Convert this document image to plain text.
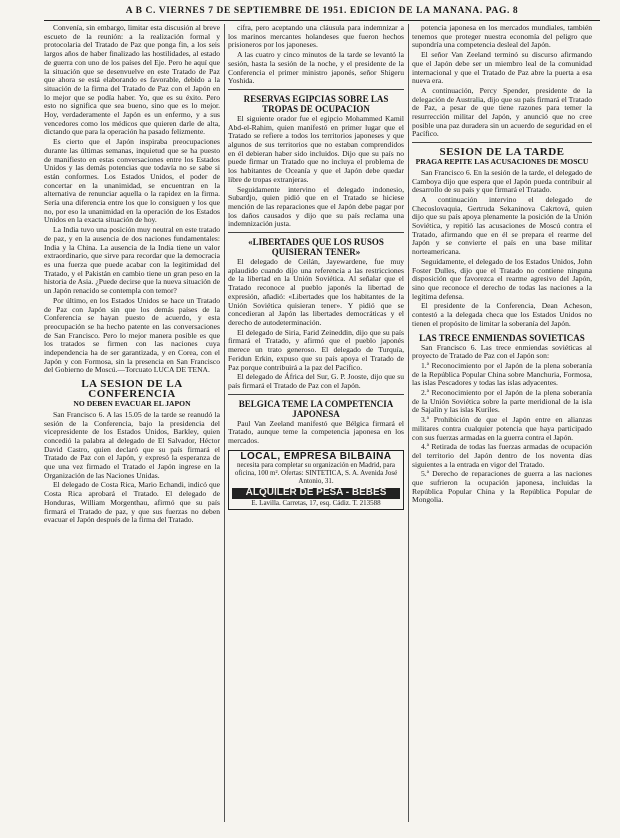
A B C. VIERNES 7 DE SEPTIEMBRE DE 1951. EDICIÓN DE LA MAÑANA. PAG. 8

Convenía, sin embargo, limitar esta discusión al breve escueto de la reunión: a la realización formal y protocolaria del Tratado de Paz que ponga fin, a los seis largos años de haber finalizado las hostilidades, al estado de guerra con uno de los países del Eje. Pero he aquí que la situación que se desenvuelve en este Tratado de Paz que ahora se está elaborando es favorable, debido a la situación de la firma del Tratado de Paz con el Japón en lo mejor que se podía haber. Yo, que es su éxito. Pero esto no significa que sea bueno, sino que es lo mejor. Hoy, verdaderamente el Japón es un enfermo, y a sus vencedores como los médicos que quieren darle de alta, dictando que para la operación ha pasado felizmente.

Es cierto que el Japón inspiraba preocupaciones durante las últimas semanas, inquietud que se ha puesto de manifiesto en estas conversaciones entre los Estados Unidos y las demás potencias que todavía no se sabe si están conformes. Los Estados Unidos, el poder de concertar en la unanimidad, se encuentran en la alternativa de renunciar aquella o la rapidez en la firma. Sería una diferencia entre los que lo consiguen y los que no, por eso la unanimidad en la operación de los Estados Unidos en la exacta situación de hoy.

La India tuvo una posición muy neutral en este tratado de paz, y en la ausencia de dos naciones fundamentales: India y la China. La ausencia de la India tiene un valor extraordinario, que sirve para recordar que la democracia es una fuerza que puede acabar con la legitimidad del Tratado, y el Pakistán en cambio tiene un gran peso en la historia de Asia. ¿Puede decirse que la nueva situación de un Japón renacido se contempla con temor?

Por último, en los Estados Unidos se hace un Tratado de Paz con Japón sin que los demás países de la Conferencia se hayan puesto de acuerdo, y esta preocupación se ha hecho patente en las conversaciones de San Francisco. Pero lo mejor manera posible es que los tratados se firmen con las naciones cuya independencia ha de ser garantizada, y en Corea, con el Japón y con Formosa, sin la presencia en San Francisco del Gobierno de Moscú.—Torcuato LUCA DE TENA.

LA SESION DE LA CONFERENCIA
NO DEBEN EVACUAR EL JAPON

San Francisco 6. A las 15.05 de la tarde se reanudó la sesión de la Conferencia, bajo la presidencia del vicepresidente de los Estados Unidos, Barkley, quien concedió la palabra al delegado de El Salvador, Héctor David Castro, quien declaró que su país firmará el Tratado de Paz con el Japón, y expresó la esperanza de que una vez firmado el Tratado el Japón ingrese en la Organización de las Naciones Unidas.

El delegado de Costa Rica, Mario Echandi, indicó que Costa Rica aprobará el Tratado. El delegado de Honduras, William Morgenthau, afirmó que su país firmará el Tratado de paz, y que sus fuerzas no deben evacuar el Japón después de la firma del Tratado.

cifra, pero aceptando una cláusula para indemnizar a los marinos mercantes holandeses que fueron hechos prisioneros por los japoneses.

A las cuatro y cinco minutos de la tarde se levantó la sesión, hasta la sesión de la noche, y el presidente de la Conferencia el primer ministro japonés, señor Shigeru Yoshida.

RESERVAS EGIPCIAS SOBRE LAS TROPAS DE OCUPACION

El siguiente orador fue el egipcio Mohammed Kamil Abd-el-Rahim, quien manifestó en primer lugar que el Tratado se refiere a todos los territorios japoneses y que algunos de sus territorios que no estaban comprendidos en él debieran haber sido incluidos. Dijo que su país no puede firmar un Tratado que no incluya el problema de los habitantes de Oceanía y que el Japón debe quedar libre de tropas extranjeras.

Seguidamente intervino el delegado indonesio, Subardjo, quien pidió que en el Tratado se hiciese mención de las reparaciones que el Japón debe pagar por los daños causados y dijo que su país reclama una indemnización justa.

«LIBERTADES QUE LOS RUSOS QUISIERAN TENER»

El delegado de Ceilán, Jayewardene, fue muy aplaudido cuando dijo una referencia a las restricciones de la libertad en la Unión Soviética. Al señalar que el Tratado reconoce al pueblo japonés la libertad de expresión, añadió: «Libertades que los habitantes de la Unión Soviética quisieran tener». Y pidió que se concedieran al Japón las libertades democráticas y el derecho de autodeterminación.

El delegado de Siria, Farid Zeineddin, dijo que su país firmará el Tratado, y afirmó que el pueblo japonés merece un trato generoso. El delegado de Turquía, Feridun Erkin, expuso que su país apoya el Tratado de Paz porque contribuirá a la paz del Pacífico.

El delegado de África del Sur, G. P. Jooste, dijo que su país firmará el Tratado de Paz con el Japón.

BELGICA TEME LA COMPETENCIA JAPONESA

Paul Van Zeeland manifestó que Bélgica firmará el Tratado, aunque teme la competencia japonesa en los mercados.

LOCAL, EMPRESA BILBAINA
necesita para completar su organización en Madrid, para oficina, 100 m². Ofertas: SINTETICA, S. A. Avenida José Antonio, 31.
ALQUILER DE PESA - BEBES
E. Lavilla. Carretas, 17, esq. Cádiz. T. 213588

potencia japonesa en los mercados mundiales, también tenemos que proteger nuestra economía del peligro que supondría una competencia desleal del Japón.

El señor Van Zeeland terminó su discurso afirmando que el Japón debe ser un miembro leal de la comunidad internacional y que el Tratado de Paz abre la puerta a esa nueva era.

A continuación, Percy Spender, presidente de la delegación de Australia, dijo que su país firmará el Tratado de Paz, a pesar de que tiene razones para temer la resurrección militar del Japón, y anunció que no cree posible una paz duradera sin un acuerdo de seguridad en el Pacífico.

SESION DE LA TARDE
PRAGA REPITE LAS ACUSACIONES DE MOSCU

San Francisco 6. En la sesión de la tarde, el delegado de Camboya dijo que espera que el Japón pueda contribuir al desarrollo de su país y que firmará el Tratado.

A continuación intervino el delegado de Checoslovaquia, Gertruda Sekaninova Cakrtová, quien dijo que su país apoya plenamente la posición de la Unión Soviética, y repitió las acusaciones de Moscú contra el Tratado, afirmando que en él se prepara el rearme del Japón y se convierte el país en una base militar norteamericana.

Seguidamente, el delegado de los Estados Unidos, John Foster Dulles, dijo que el Tratado no contiene ninguna disposición que favorezca el rearme agresivo del Japón, sino que reconoce el derecho de todas las naciones a la legítima defensa.

El presidente de la Conferencia, Dean Acheson, contestó a la delegada checa que los Estados Unidos no tienen el propósito de limitar la soberanía del Japón.

LAS TRECE ENMIENDAS SOVIETICAS

San Francisco 6. Las trece enmiendas soviéticas al proyecto de Tratado de Paz con el Japón son:

1.ª Reconocimiento por el Japón de la plena soberanía de la República Popular China sobre Manchuria, Formosa, las islas Pescadores y todas las islas adyacentes.

2.ª Reconocimiento por el Japón de la plena soberanía de la Unión Soviética sobre la parte meridional de la isla de Sajalín y las islas Kuriles.

3.ª Prohibición de que el Japón entre en alianzas militares contra cualquier potencia que haya participado con sus fuerzas armadas en la guerra contra el Japón.

4.ª Retirada de todas las fuerzas armadas de ocupación del territorio del Japón dentro de los noventa días siguientes a la entrada en vigor del Tratado.

5.ª Derecho de reparaciones de guerra a las naciones que sufrieron la ocupación japonesa, incluidas la República Popular China y la República Popular de Mongolia.
